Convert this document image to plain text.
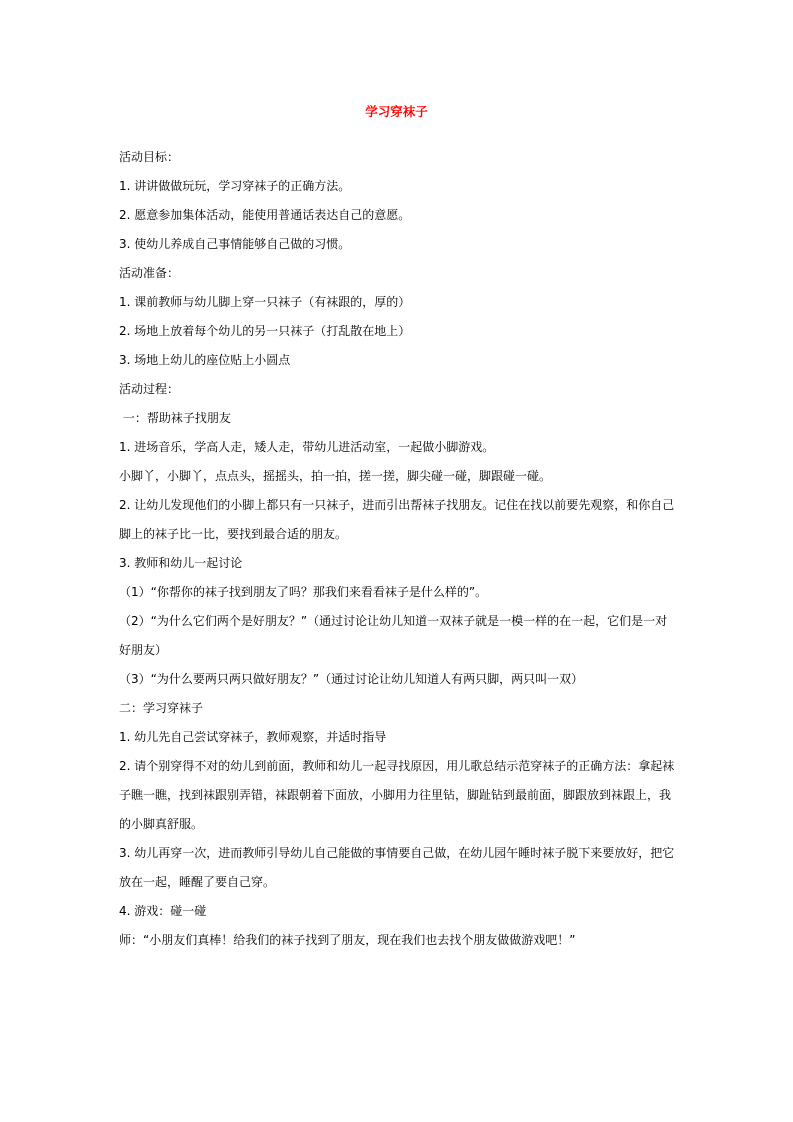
学习穿袜子

活动目标：

1. 讲讲做做玩玩，学习穿袜子的正确方法。

2. 愿意参加集体活动，能使用普通话表达自己的意愿。

3. 使幼儿养成自己事情能够自己做的习惯。

活动准备：

1. 课前教师与幼儿脚上穿一只袜子（有袜跟的，厚的）

2. 场地上放着每个幼儿的另一只袜子（打乱散在地上）

3. 场地上幼儿的座位贴上小圆点

活动过程：

一：帮助袜子找朋友

1. 进场音乐，学高人走，矮人走，带幼儿进活动室，一起做小脚游戏。

小脚丫，小脚丫，点点头，摇摇头，拍一拍，搓一搓，脚尖碰一碰，脚跟碰一碰。

2. 让幼儿发现他们的小脚上都只有一只袜子，进而引出帮袜子找朋友。记住在找以前要先观察，和你自己脚上的袜子比一比，要找到最合适的朋友。

3. 教师和幼儿一起讨论

（1）“你帮你的袜子找到朋友了吗？那我们来看看袜子是什么样的”。

（2）“为什么它们两个是好朋友？”（通过讨论让幼儿知道一双袜子就是一模一样的在一起，它们是一对好朋友）

（3）“为什么要两只两只做好朋友？”（通过讨论让幼儿知道人有两只脚，两只叫一双）

二：学习穿袜子

1. 幼儿先自己尝试穿袜子，教师观察，并适时指导

2. 请个别穿得不对的幼儿到前面，教师和幼儿一起寻找原因，用儿歌总结示范穿袜子的正确方法：拿起袜子瞧一瞧，找到袜跟别弄错，袜跟朝着下面放，小脚用力往里钻，脚趾钻到最前面，脚跟放到袜跟上，我的小脚真舒服。

3. 幼儿再穿一次，进而教师引导幼儿自己能做的事情要自己做，在幼儿园午睡时袜子脱下来要放好，把它放在一起，睡醒了要自己穿。

4. 游戏：碰一碰

师：“小朋友们真棒！给我们的袜子找到了朋友，现在我们也去找个朋友做做游戏吧！”
